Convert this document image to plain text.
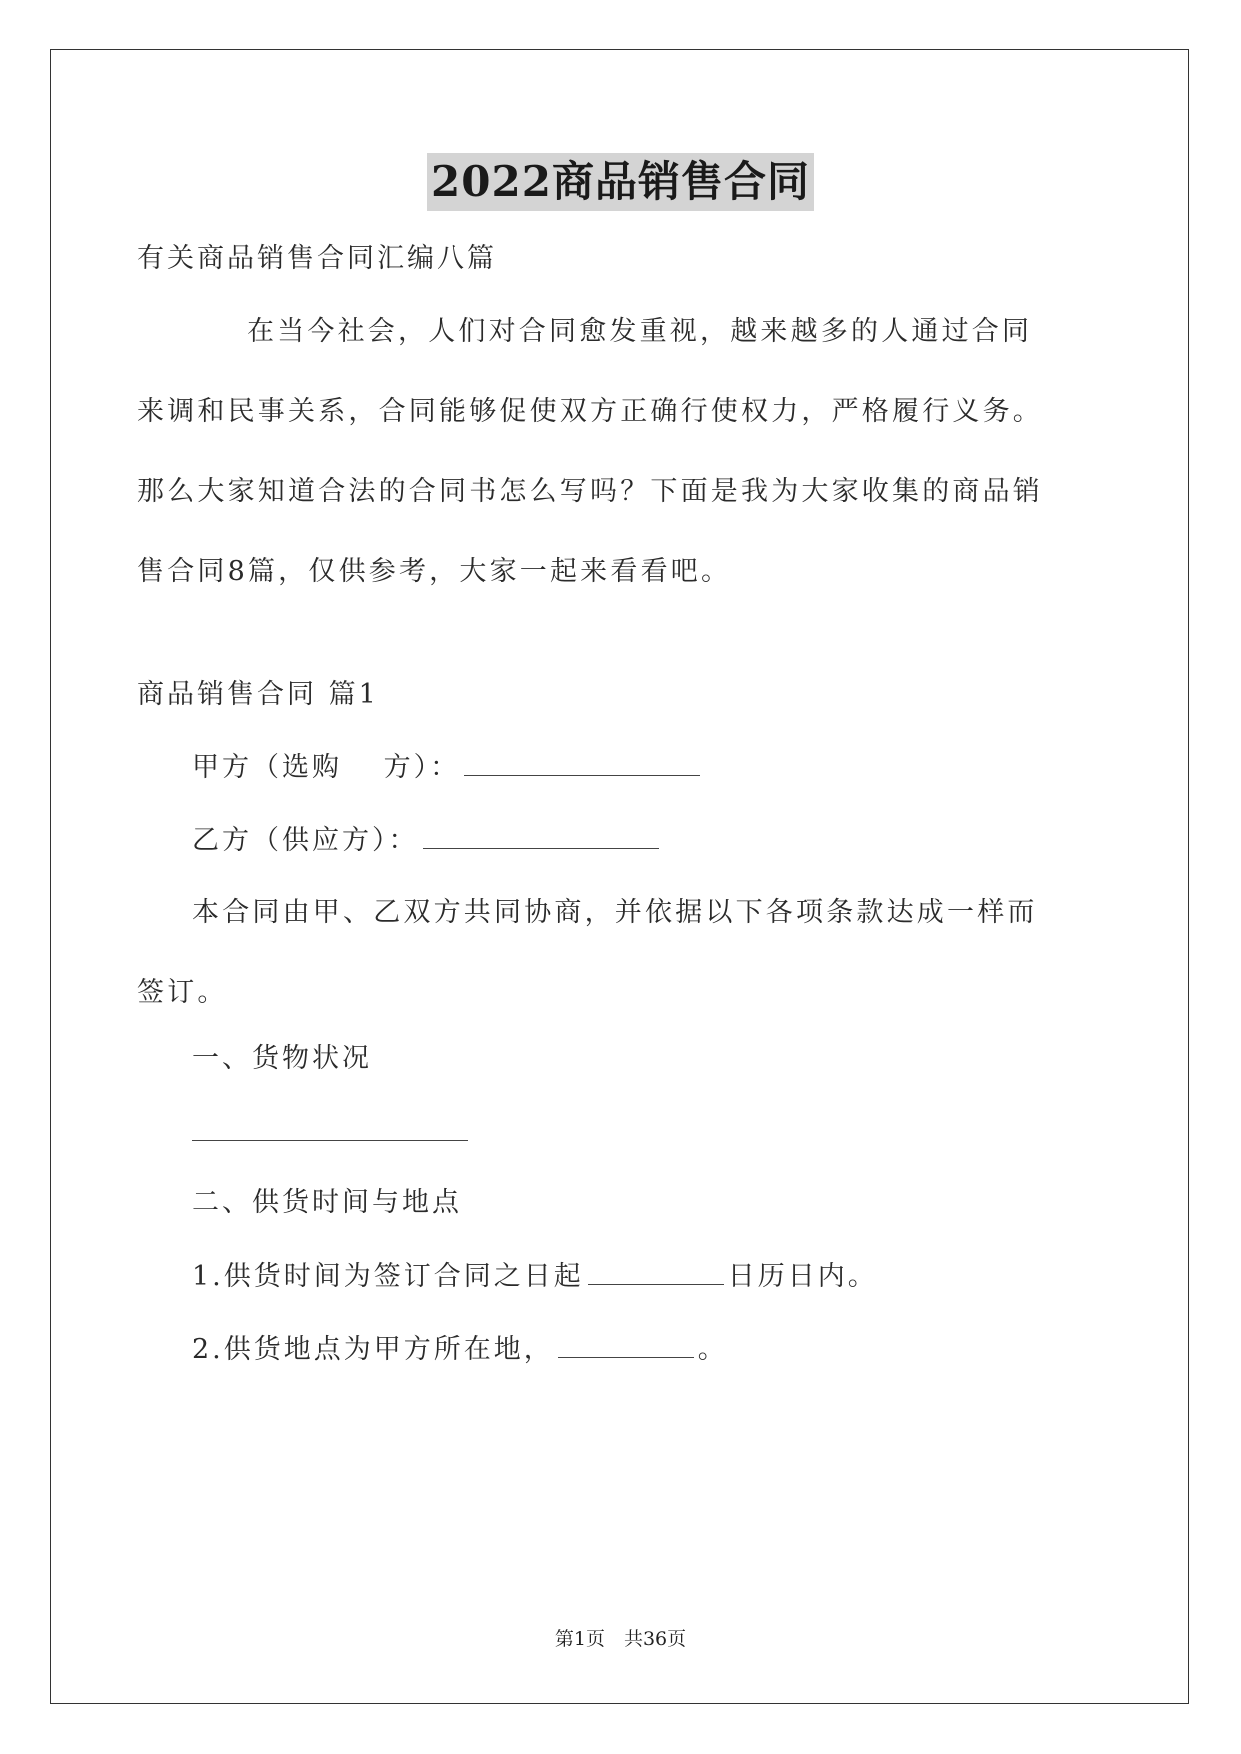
2022商品销售合同
有关商品销售合同汇编八篇
在当今社会，人们对合同愈发重视，越来越多的人通过合同
来调和民事关系，合同能够促使双方正确行使权力，严格履行义务。
那么大家知道合法的合同书怎么写吗？下面是我为大家收集的商品销
售合同8篇，仅供参考，大家一起来看看吧。
商品销售合同 篇1
甲方（选购　 方）：
乙方（供应方）：
本合同由甲、乙双方共同协商，并依据以下各项条款达成一样而
签订。
一、货物状况
二、供货时间与地点
1.供货时间为签订合同之日起	日历日内。
2.供货地点为甲方所在地，	。
第1页　共36页
